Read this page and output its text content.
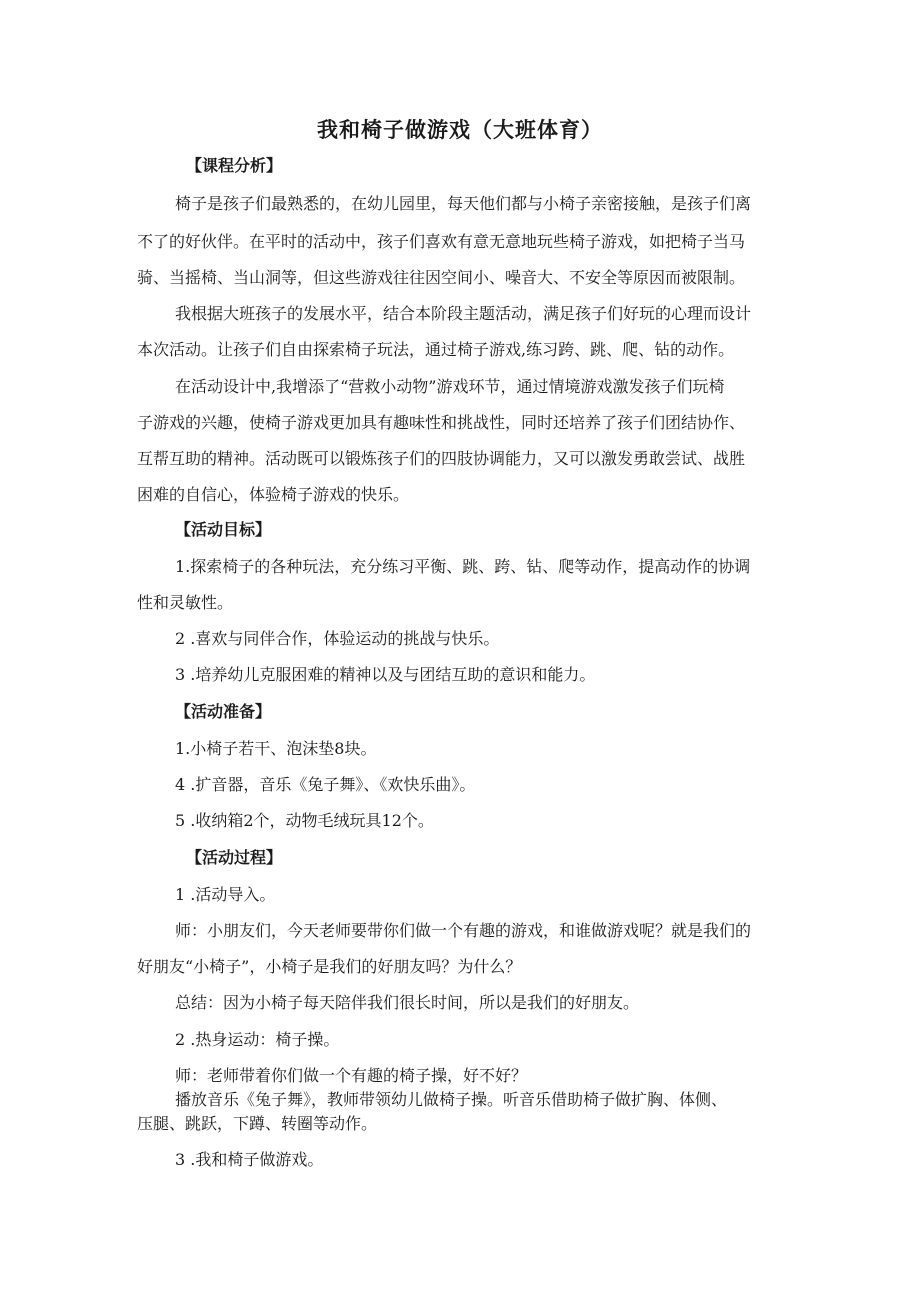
我和椅子做游戏（大班体育）

【课程分析】

椅子是孩子们最熟悉的，在幼儿园里，每天他们都与小椅子亲密接触，是孩子们离

不了的好伙伴。在平时的活动中，孩子们喜欢有意无意地玩些椅子游戏，如把椅子当马

骑、当摇椅、当山洞等，但这些游戏往往因空间小、噪音大、不安全等原因而被限制。

我根据大班孩子的发展水平，结合本阶段主题活动，满足孩子们好玩的心理而设计

本次活动。让孩子们自由探索椅子玩法，通过椅子游戏,练习跨、跳、爬、钻的动作。

在活动设计中,我增添了“营救小动物”游戏环节，通过情境游戏激发孩子们玩椅

子游戏的兴趣，使椅子游戏更加具有趣味性和挑战性，同时还培养了孩子们团结协作、

互帮互助的精神。活动既可以锻炼孩子们的四肢协调能力，又可以激发勇敢尝试、战胜

困难的自信心，体验椅子游戏的快乐。

【活动目标】

1.探索椅子的各种玩法，充分练习平衡、跳、跨、钻、爬等动作，提高动作的协调

性和灵敏性。

2 .喜欢与同伴合作，体验运动的挑战与快乐。

3 .培养幼儿克服困难的精神以及与团结互助的意识和能力。

【活动准备】

1.小椅子若干、泡沫垫8块。

4 .扩音器，音乐《兔子舞》、《欢快乐曲》。

5 .收纳箱2个，动物毛绒玩具12个。

【活动过程】

1 .活动导入。

师：小朋友们，今天老师要带你们做一个有趣的游戏，和谁做游戏呢？就是我们的

好朋友“小椅子”，小椅子是我们的好朋友吗？为什么？

总结：因为小椅子每天陪伴我们很长时间，所以是我们的好朋友。

2 .热身运动：椅子操。

师：老师带着你们做一个有趣的椅子操，好不好？

播放音乐《兔子舞》，教师带领幼儿做椅子操。听音乐借助椅子做扩胸、体侧、

压腿、跳跃，下蹲、转圈等动作。

3 .我和椅子做游戏。
